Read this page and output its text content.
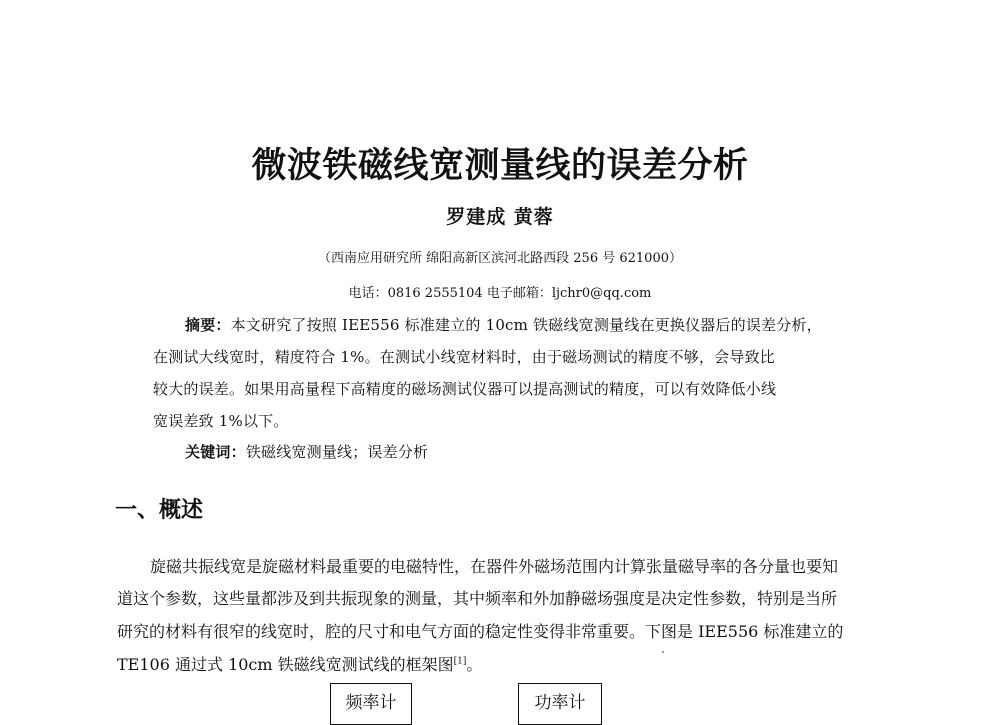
微波铁磁线宽测量线的误差分析
罗建成 黄蓉
（西南应用研究所 绵阳高新区滨河北路西段 256 号 621000）
电话：0816 2555104 电子邮箱：ljchr0@qq.com
摘要：本文研究了按照 IEE556 标准建立的 10cm 铁磁线宽测量线在更换仪器后的误差分析，
在测试大线宽时，精度符合 1%。在测试小线宽材料时，由于磁场测试的精度不够，会导致比
较大的误差。如果用高量程下高精度的磁场测试仪器可以提高测试的精度，可以有效降低小线
宽误差致 1%以下。
关键词：铁磁线宽测量线；误差分析
一、概述
旋磁共振线宽是旋磁材料最重要的电磁特性，在器件外磁场范围内计算张量磁导率的各分量也要知
道这个参数，这些量都涉及到共振现象的测量，其中频率和外加静磁场强度是决定性参数，特别是当所
研究的材料有很窄的线宽时，腔的尺寸和电气方面的稳定性变得非常重要。下图是 IEE556 标准建立的
TE106 通过式 10cm 铁磁线宽测试线的框架图[1]。
频率计	功率计
